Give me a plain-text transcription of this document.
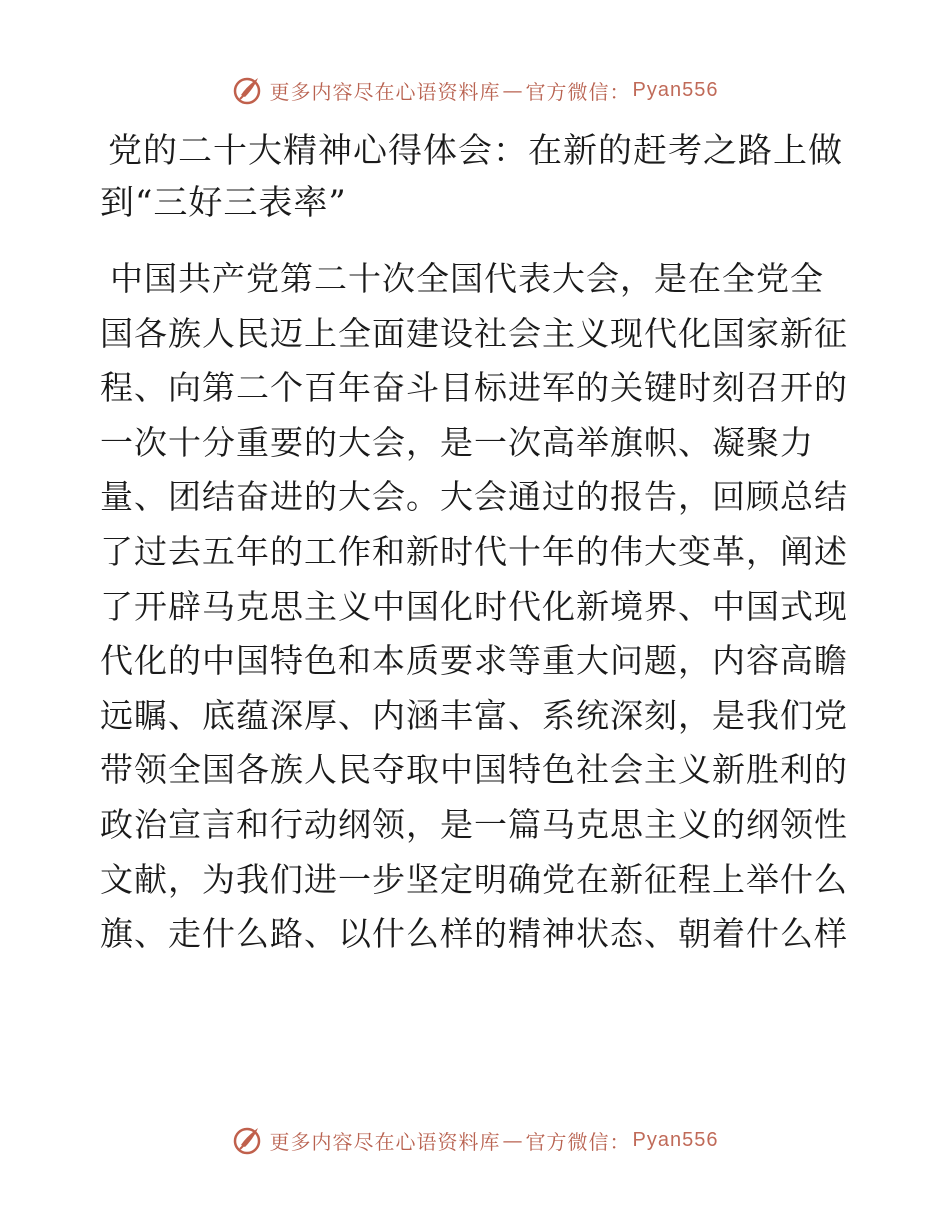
更多内容尽在心语资料库 — 官方微信： Pyan556
党的二十大精神心得体会：在新的赶考之路上做
到“三好三表率”
中国共产党第二十次全国代表大会，是在全党全
国各族人民迈上全面建设社会主义现代化国家新征
程、向第二个百年奋斗目标进军的关键时刻召开的
一次十分重要的大会，是一次高举旗帜、凝聚力
量、团结奋进的大会。大会通过的报告，回顾总结
了过去五年的工作和新时代十年的伟大变革，阐述
了开辟马克思主义中国化时代化新境界、中国式现
代化的中国特色和本质要求等重大问题，内容高瞻
远瞩、底蕴深厚、内涵丰富、系统深刻，是我们党
带领全国各族人民夺取中国特色社会主义新胜利的
政治宣言和行动纲领，是一篇马克思主义的纲领性
文献，为我们进一步坚定明确党在新征程上举什么
旗、走什么路、以什么样的精神状态、朝着什么样
更多内容尽在心语资料库 — 官方微信： Pyan556
